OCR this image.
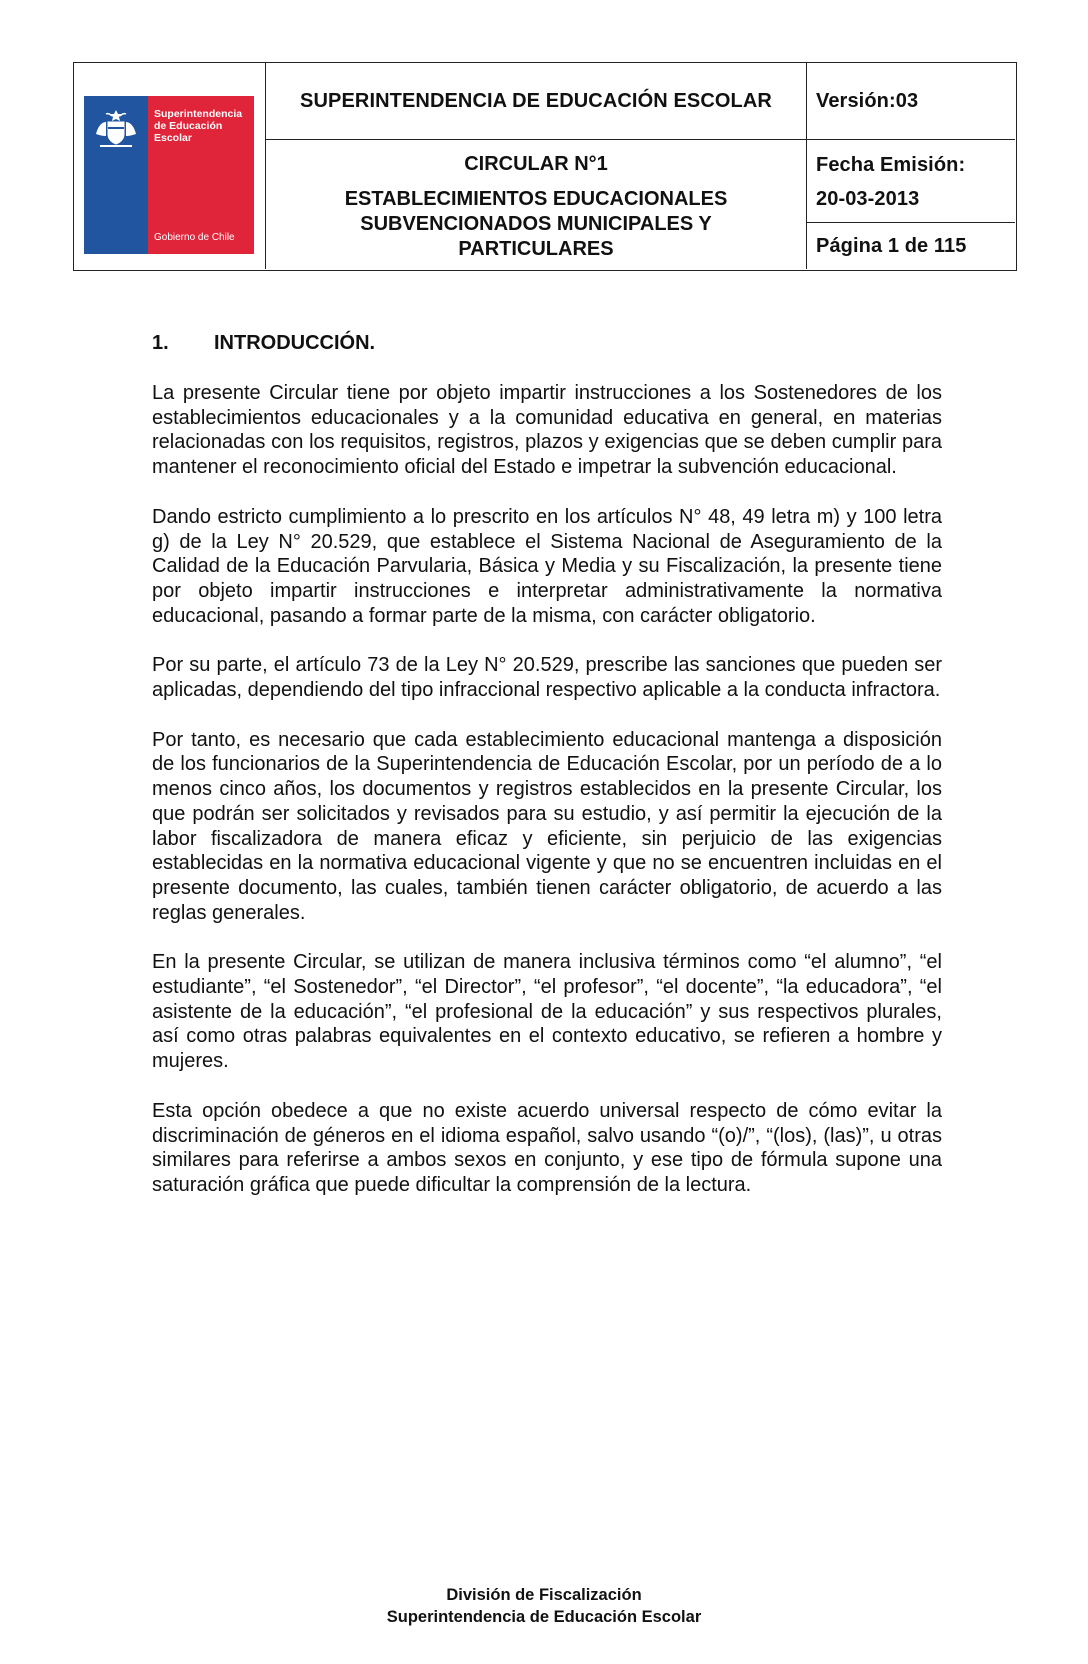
Superintendencia
de Educación
Escolar
Gobierno de Chile
SUPERINTENDENCIA DE EDUCACIÓN ESCOLAR Versión:03
CIRCULAR N°1
ESTABLECIMIENTOS EDUCACIONALES
SUBVENCIONADOS MUNICIPALES Y
PARTICULARES
Fecha Emisión:
20-03-2013
Página 1 de 115
1.	INTRODUCCIÓN.

La presente Circular tiene por objeto impartir instrucciones a los Sostenedores de los establecimientos educacionales y a la comunidad educativa en general, en materias relacionadas con los requisitos, registros, plazos y exigencias que se deben cumplir para mantener el reconocimiento oficial del Estado e impetrar la subvención educacional.

Dando estricto cumplimiento a lo prescrito en los artículos N° 48, 49 letra m) y 100 letra g) de la Ley N° 20.529, que establece el Sistema Nacional de Aseguramiento de la Calidad de la Educación Parvularia, Básica y Media y su Fiscalización, la presente tiene por objeto impartir instrucciones e interpretar administrativamente la normativa educacional, pasando a formar parte de la misma, con carácter obligatorio.

Por su parte, el artículo 73 de la Ley N° 20.529, prescribe las sanciones que pueden ser aplicadas, dependiendo del tipo infraccional respectivo aplicable a la conducta infractora.

Por tanto, es necesario que cada establecimiento educacional mantenga a disposición de los funcionarios de la Superintendencia de Educación Escolar, por un período de a lo menos cinco años, los documentos y registros establecidos en la presente Circular, los que podrán ser solicitados y revisados para su estudio, y así permitir la ejecución de la labor fiscalizadora de manera eficaz y eficiente, sin perjuicio de las exigencias establecidas en la normativa educacional vigente y que no se encuentren incluidas en el presente documento, las cuales, también tienen carácter obligatorio, de acuerdo a las reglas generales.

En la presente Circular, se utilizan de manera inclusiva términos como “el alumno”, “el estudiante”, “el Sostenedor”, “el Director”, “el profesor”, “el docente”, “la educadora”, “el asistente de la educación”, “el profesional de la educación” y sus respectivos plurales, así como otras palabras equivalentes en el contexto educativo, se refieren a hombre y mujeres.

Esta opción obedece a que no existe acuerdo universal respecto de cómo evitar la discriminación de géneros en el idioma español, salvo usando “(o)/”, “(los), (las)”, u otras similares para referirse a ambos sexos en conjunto, y ese tipo de fórmula supone una saturación gráfica que puede dificultar la comprensión de la lectura.

División de Fiscalización
Superintendencia de Educación Escolar
